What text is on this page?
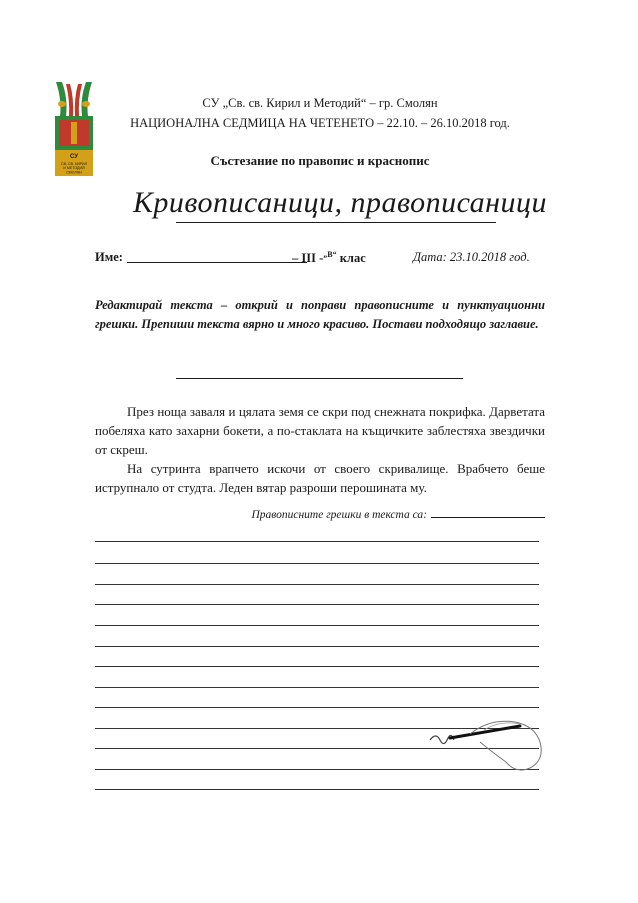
СУ
СВ. СВ. КИРИЛ
И МЕТОДИЙ
СМОЛЯН
СУ „Св. св. Кирил и Методий“ – гр. Смолян
НАЦИОНАЛНА СЕДМИЦА НА ЧЕТЕНЕТО – 22.10. – 26.10.2018 год.
Състезание по правопис и краснопис
Кривописаници, правописаници
Име:	– III -$^{„В“}$ клас	Дата: 23.10.2018 год.
Редактирай текста – открий и поправи правописните и пунктуационни грешки. Препиши текста вярно и много красиво. Постави подходящо заглавие.

През ноща заваля и цялата земя се скри под снежната покрифка. Дарветата побеляха като захарни бокети, а по-стаклата на къщичките заблестяха звездички от скреш.

На сутринта врапчето искочи от своего скривалище. Врабчето беше иструпнало от студта. Леден вятар разроши перошината му.

Правописните грешки в текста са:
